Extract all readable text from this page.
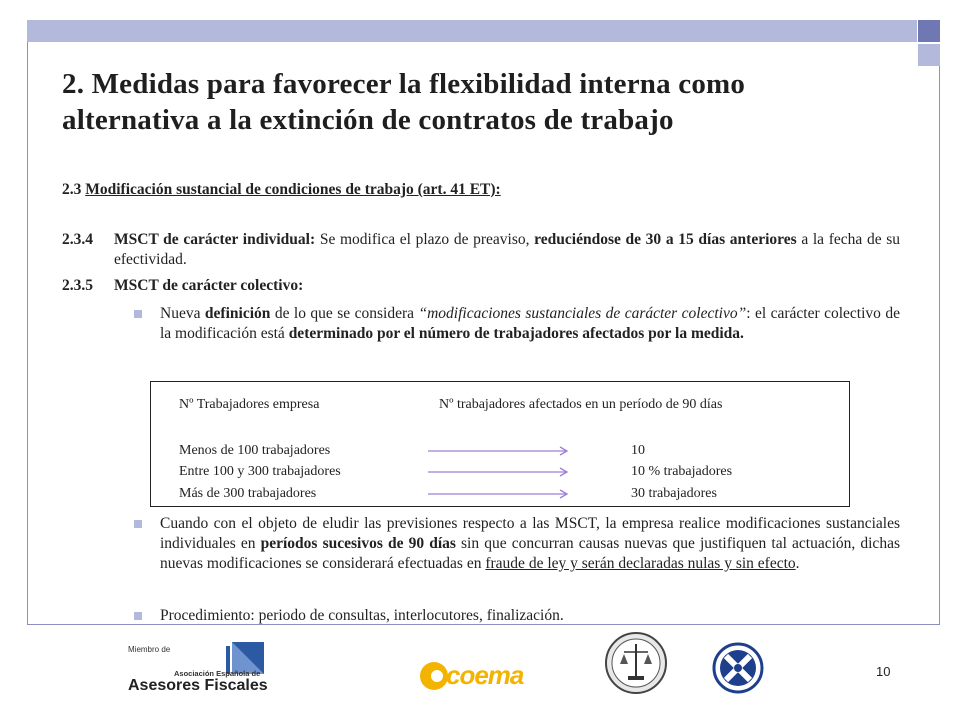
2. Medidas para favorecer la flexibilidad interna como
alternativa a la extinción de contratos de trabajo
2.3 Modificación sustancial de condiciones de trabajo (art. 41 ET):
2.3.4 MSCT de carácter individual: Se modifica el plazo de preaviso, reduciéndose de 30 a 15 días anteriores a la fecha de su efectividad.
2.3.5 MSCT de carácter colectivo:
Nueva definición de lo que se considera “modificaciones sustanciales de carácter colectivo”: el carácter colectivo de la modificación está determinado por el número de trabajadores afectados por la medida.
Nº Trabajadores empresa	Nº trabajadores afectados en un período de 90 días
Menos de 100 trabajadores	10
Entre 100 y 300 trabajadores	10 % trabajadores
Más de 300 trabajadores	30 trabajadores
Cuando con el objeto de eludir las previsiones respecto a las MSCT, la empresa realice modificaciones sustanciales individuales en períodos sucesivos de 90 días sin que concurran causas nuevas que justifiquen tal actuación, dichas nuevas modificaciones se considerará efectuadas en fraude de ley y serán declaradas nulas y sin efecto.
Procedimiento: periodo de consultas, interlocutores, finalización.
Miembro de
Asociación Española de
Asesores Fiscales	coema	10
